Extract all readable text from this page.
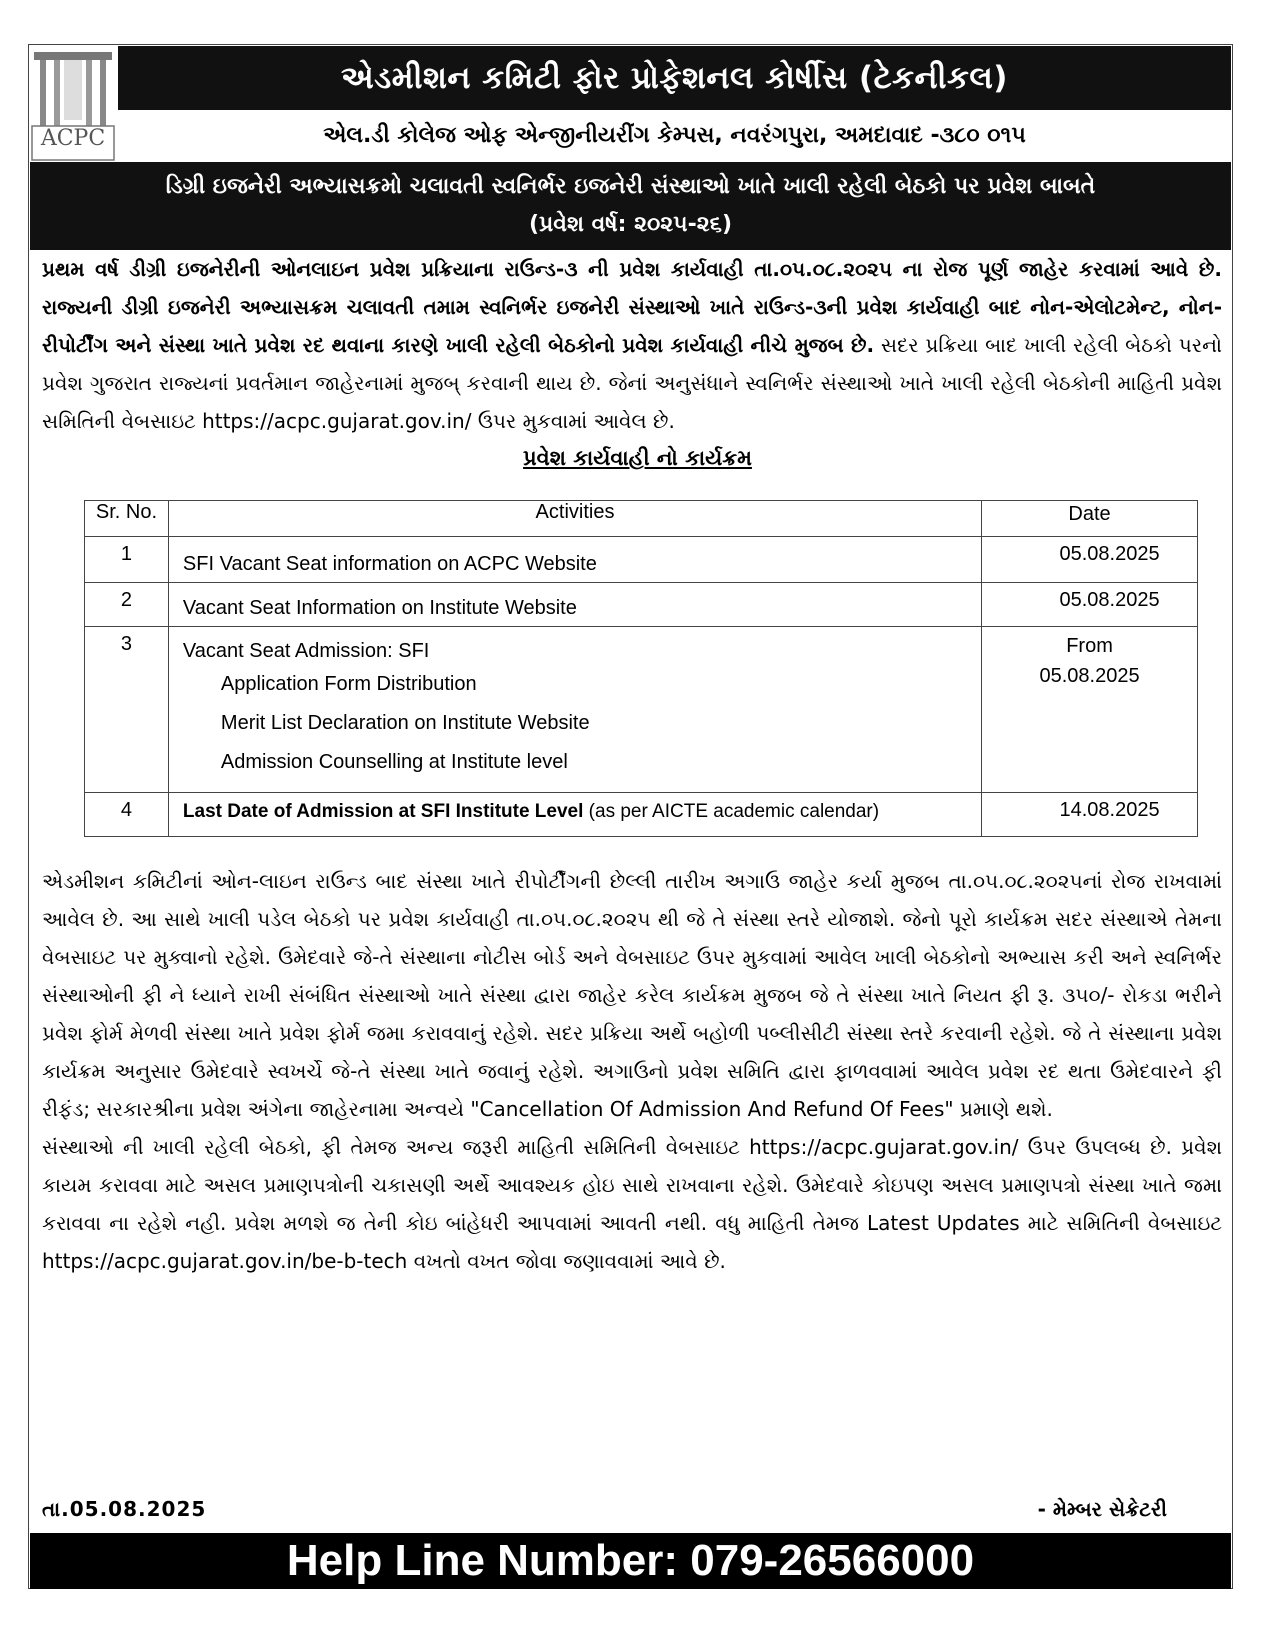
ACPC
એડમીશન કમિટી ફોર પ્રોફેશનલ કોર્ષીસ (ટેકનીકલ)
એલ.ડી કોલેજ ઓફ એન્જીનીયરીંગ કેમ્પસ, નવરંગપુરા, અમદાવાદ -૩૮૦ ૦૧૫
ડિગ્રી ઇજનેરી અભ્યાસક્રમો ચલાવતી સ્વનિર્ભર ઇજનેરી સંસ્થાઓ ખાતે ખાલી રહેલી બેઠકો પર પ્રવેશ બાબતે
(પ્રવેશ વર્ષ: ૨૦૨૫-૨૬)
પ્રથમ વર્ષ ડીગ્રી ઇજનેરીની ઓનલાઇન પ્રવેશ પ્રક્રિયાના રાઉન્ડ-૩ ની પ્રવેશ કાર્યવાહી તા.૦૫.૦૮.૨૦૨૫ ના રોજ પૂર્ણ જાહેર કરવામાં આવે છે. રાજ્યની ડીગ્રી ઇજનેરી અભ્યાસક્રમ ચલાવતી તમામ સ્વનિર્ભર ઇજનેરી સંસ્થાઓ ખાતે રાઉન્ડ-૩ની પ્રવેશ કાર્યવાહી બાદ નોન-એલોટમેન્ટ, નોન-રીપોર્ટીંગ અને સંસ્થા ખાતે પ્રવેશ રદ થવાના કારણે ખાલી રહેલી બેઠકોનો પ્રવેશ કાર્યવાહી નીચે મુજબ છે. સદર પ્રક્રિયા બાદ ખાલી રહેલી બેઠકો પરનો પ્રવેશ ગુજરાત રાજ્યનાં પ્રવર્તમાન જાહેરનામાં મુજબ્ કરવાની થાય છે. જેનાં અનુસંધાને સ્વનિર્ભર સંસ્થાઓ ખાતે ખાલી રહેલી બેઠકોની માહિતી પ્રવેશ સમિતિની વેબસાઇટ https://acpc.gujarat.gov.in/ ઉપર મુકવામાં આવેલ છે.
પ્રવેશ કાર્યવાહી નો કાર્યક્રમ
Sr. No.	Activities	Date

1	SFI Vacant Seat information on ACPC Website	05.08.2025

2	Vacant Seat Information on Institute Website	05.08.2025

3	Vacant Seat Admission: SFI
Application Form Distribution
Merit List Declaration on Institute Website
Admission Counselling at Institute level	From
05.08.2025

4	Last Date of Admission at SFI Institute Level (as per AICTE academic calendar)	14.08.2025
એડમીશન કમિટીનાં ઓન-લાઇન રાઉન્ડ બાદ સંસ્થા ખાતે રીપોર્ટીંગની છેલ્લી તારીખ અગાઉ જાહેર કર્યા મુજબ તા.૦૫.૦૮.૨૦૨૫નાં રોજ રાખવામાં આવેલ છે. આ સાથે ખાલી પડેલ બેઠકો પર પ્રવેશ કાર્યવાહી તા.૦૫.૦૮.૨૦૨૫ થી જે તે સંસ્થા સ્તરે યોજાશે. જેનો પૂરો કાર્યક્રમ સદર સંસ્થાએ તેમના વેબસાઇટ પર મુક્વાનો રહેશે. ઉમેદવારે જે-તે સંસ્થાના નોટીસ બોર્ડ અને વેબસાઇટ ઉપર મુકવામાં આવેલ ખાલી બેઠકોનો અભ્યાસ કરી અને સ્વનિર્ભર સંસ્થાઓની ફી ને ધ્યાને રાખી સંબંધિત સંસ્થાઓ ખાતે સંસ્થા દ્વારા જાહેર કરેલ કાર્યક્રમ મુજબ જે તે સંસ્થા ખાતે નિયત ફી રૂ. ૩૫૦/- રોકડા ભરીને પ્રવેશ ફોર્મ મેળવી સંસ્થા ખાતે પ્રવેશ ફોર્મ જમા કરાવવાનું રહેશે. સદર પ્રક્રિયા અર્થે બહોળી પબ્લીસીટી સંસ્થા સ્તરે કરવાની રહેશે. જે તે સંસ્થાના પ્રવેશ કાર્યક્રમ અનુસાર ઉમેદવારે સ્વખર્ચે જે-તે સંસ્થા ખાતે જવાનું રહેશે. અગાઉનો પ્રવેશ સમિતિ દ્વારા ફાળવવામાં આવેલ પ્રવેશ રદ થતા ઉમેદવારને ફી રીફંડ; સરકારશ્રીના પ્રવેશ અંગેના જાહેરનામા અન્વયે "Cancellation Of Admission And Refund Of Fees" પ્રમાણે થશે.
સંસ્થાઓ ની ખાલી રહેલી બેઠકો, ફી તેમજ અન્ય જરૂરી માહિતી સમિતિની વેબસાઇટ https://acpc.gujarat.gov.in/ ઉપર ઉપલબ્ધ છે. પ્રવેશ કાયમ કરાવવા માટે અસલ પ્રમાણપત્રોની ચકાસણી અર્થે આવશ્યક હોઇ સાથે રાખવાના રહેશે. ઉમેદવારે કોઇપણ અસલ પ્રમાણપત્રો સંસ્થા ખાતે જમા કરાવવા ના રહેશે નહી. પ્રવેશ મળશે જ તેની કોઇ બાંહેધરી આપવામાં આવતી નથી. વધુ માહિતી તેમજ Latest Updates માટે સમિતિની વેબસાઇટ https://acpc.gujarat.gov.in/be-b-tech વખતો વખત જોવા જણાવવામાં આવે છે.
તા.05.08.2025	- મેમ્બર સેક્રેટરી
Help Line Number: 079-26566000
